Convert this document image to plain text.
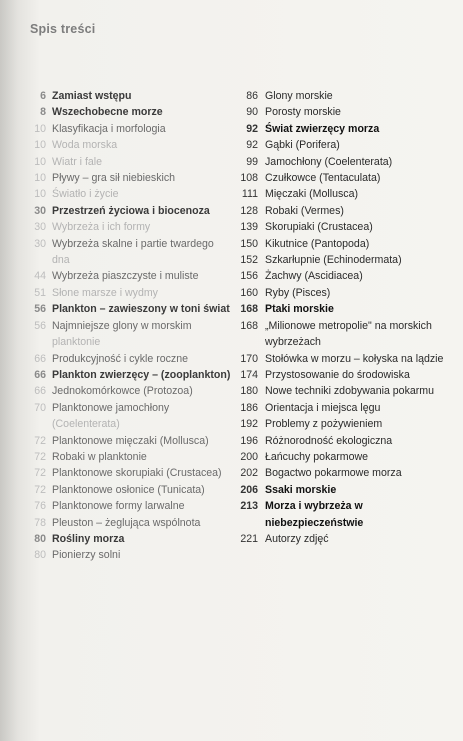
Spis treści
6 Zamiast wstępu
8 Wszechobecne morze
10 Klasyfikacja i morfologia
10 Woda morska
10 Wiatr i fale
10 Pływy – gra sił niebieskich
10 Światło i życie
30 Przestrzeń życiowa i biocenoza
30 Wybrzeża i ich formy
30 Wybrzeża skalne i partie twardego
dna
44 Wybrzeża piaszczyste i muliste
51 Słone marsze i wydmy
56 Plankton – zawieszony w toni świat
56 Najmniejsze glony w morskim
planktonie
66 Produkcyjność i cykle roczne
66 Plankton zwierzęcy – (zooplankton)
66 Jednokomórkowce (Protozoa)
70 Planktonowe jamochłony
(Coelenterata)
72 Planktonowe mięczaki (Mollusca)
72 Robaki w planktonie
72 Planktonowe skorupiaki (Crustacea)
72 Planktonowe osłonice (Tunicata)
76 Planktonowe formy larwalne
78 Pleuston – żeglująca wspólnota
80 Rośliny morza
80 Pionierzy solni
86 Glony morskie
90 Porosty morskie
92 Świat zwierzęcy morza
92 Gąbki (Porifera)
99 Jamochłony (Coelenterata)
108 Czułkowce (Tentaculata)
111 Mięczaki (Mollusca)
128 Robaki (Vermes)
139 Skorupiaki (Crustacea)
150 Kikutnice (Pantopoda)
152 Szkarłupnie (Echinodermata)
156 Żachwy (Ascidiacea)
160 Ryby (Pisces)
168 Ptaki morskie
168 „Milionowe metropolie" na morskich wybrzeżach
170 Stołówka w morzu – kołyska na lądzie
174 Przystosowanie do środowiska
180 Nowe techniki zdobywania pokarmu
186 Orientacja i miejsca lęgu
192 Problemy z pożywieniem
196 Różnorodność ekologiczna
200 Łańcuchy pokarmowe
202 Bogactwo pokarmowe morza
206 Ssaki morskie
213 Morza i wybrzeża w niebezpieczeństwie
221 Autorzy zdjęć
